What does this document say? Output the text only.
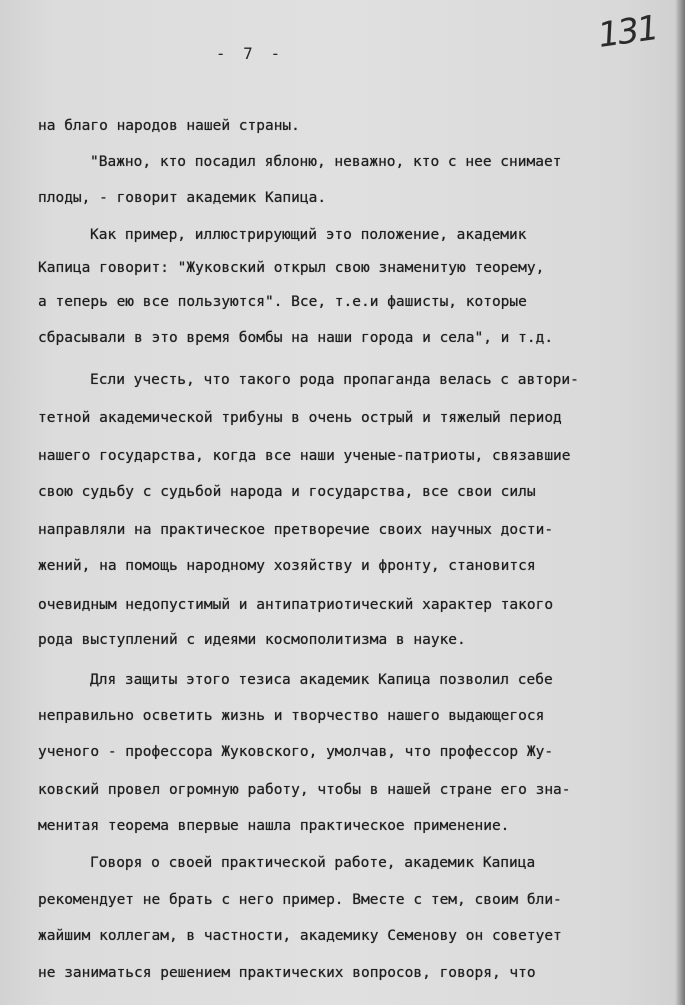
- 7 -	131
на благо народов нашей страны.
"Важно, кто посадил яблоню, неважно, кто с нее снимает
плоды, - говорит академик Капица.
Как пример, иллюстрирующий это положение, академик
Капица говорит: "Жуковский открыл свою знаменитую теорему,
а теперь ею все пользуются". Все, т.е.и фашисты, которые
сбрасывали в это время бомбы на наши города и села", и т.д.
Если учесть, что такого рода пропаганда велась с автори-
тетной академической трибуны в очень острый и тяжелый период
нашего государства, когда все наши ученые-патриоты, связавшие
свою судьбу с судьбой народа и государства, все свои силы
направляли на практическое претворечие своих научных дости-
жений, на помощь народному хозяйству и фронту, становится
очевидным недопустимый и антипатриотический характер такого
рода выступлений с идеями космополитизма в науке.
Для защиты этого тезиса академик Капица позволил себе
неправильно осветить жизнь и творчество нашего выдающегося
ученого - профессора Жуковского, умолчав, что профессор Жу-
ковский провел огромную работу, чтобы в нашей стране его зна-
менитая теорема впервые нашла практическое применение.
Говоря о своей практической работе, академик Капица
рекомендует не брать с него пример. Вместе с тем, своим бли-
жайшим коллегам, в частности, академику Семенову он советует
не заниматься решением практических вопросов, говоря, что
